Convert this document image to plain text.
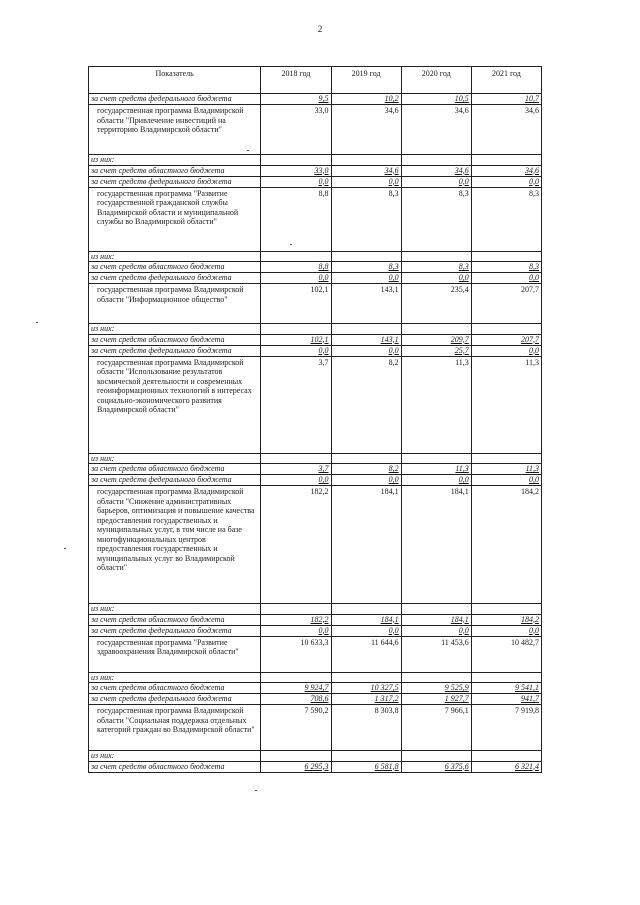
2
Показатель	2018 год	2019 год	2020 год	2021 год
за счет средств федерального бюджета	9,5	10,2	10,5	10,7
государственная программа Владимирской области "Привлечение инвестиций на территорию Владимирской области"	33,0	34,6	34,6	34,6
из них:				
за счет средств областного бюджета	33,0	34,6	34,6	34,6
за счет средств федерального бюджета	0,0	0,0	0,0	0,0
государственная программа "Развитие государственной гражданской службы Владимирской области и муниципальной службы во Владимирской области"	8,8	8,3	8,3	8,3
из них:				
за счет средств областного бюджета	8,8	8,3	8,3	8,3
за счет средств федерального бюджета	0,0	0,0	0,0	0,0
государственная программа Владимирской области "Информационное общество"	102,1	143,1	235,4	207,7
из них:				
за счет средств областного бюджета	102,1	143,1	209,7	207,7
за счет средств федерального бюджета	0,0	0,0	25,7	0,0
государственная программа Владимирской области "Использование результатов космической деятельности и современных геоинформационных технологий в интересах социально-экономического развития Владимирской области"	3,7	8,2	11,3	11,3
из них:				
за счет средств областного бюджета	3,7	8,2	11,3	11,3
за счет средств федерального бюджета	0,0	0,0	0,0	0,0
государственная программа Владимирской области "Снижение административных барьеров, оптимизация и повышение качества предоставления государственных и муниципальных услуг, в том числе на базе многофункциональных центров предоставления государственных и муниципальных услуг во Владимирской области"	182,2	184,1	184,1	184,2
из них:				
за счет средств областного бюджета	182,2	184,1	184,1	184,2
за счет средств федерального бюджета	0,0	0,0	0,0	0,0
государственная программа "Развитие здравоохранения Владимирской области"	10 633,3	11 644,6	11 453,6	10 482,7
из них:				
за счет средств областного бюджета	9 924,7	10 327,5	9 525,9	9 541,1
за счет средств федерального бюджета	708,6	1 317,2	1 927,7	941,7
государственная программа Владимирской области "Социальная поддержка отдельных категорий граждан во Владимирской области"	7 590,2	8 303,8	7 966,1	7 919,8
из них:				
за счет средств областного бюджета	6 295,3	6 581,8	6 375,6	6 321,4
